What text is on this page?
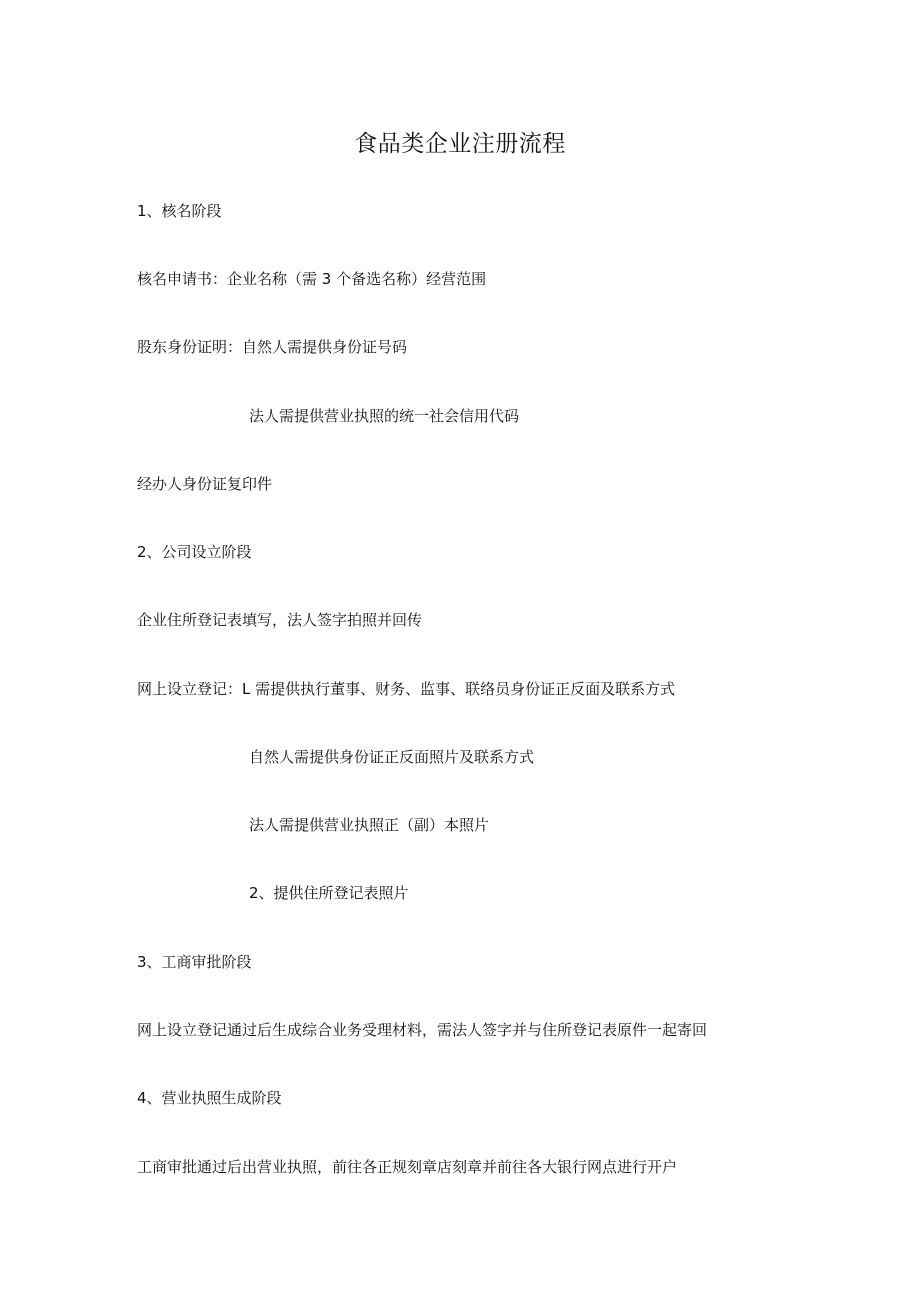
食品类企业注册流程
1、核名阶段
核名申请书：企业名称（需 3 个备选名称）经营范围
股东身份证明：自然人需提供身份证号码
法人需提供营业执照的统一社会信用代码
经办人身份证复印件
2、公司设立阶段
企业住所登记表填写，法人签字拍照并回传
网上设立登记：L 需提供执行董事、财务、监事、联络员身份证正反面及联系方式
自然人需提供身份证正反面照片及联系方式
法人需提供营业执照正（副）本照片
2、提供住所登记表照片
3、工商审批阶段
网上设立登记通过后生成综合业务受理材料，需法人签字并与住所登记表原件一起寄回
4、营业执照生成阶段
工商审批通过后出营业执照，前往各正规刻章店刻章并前往各大银行网点进行开户
